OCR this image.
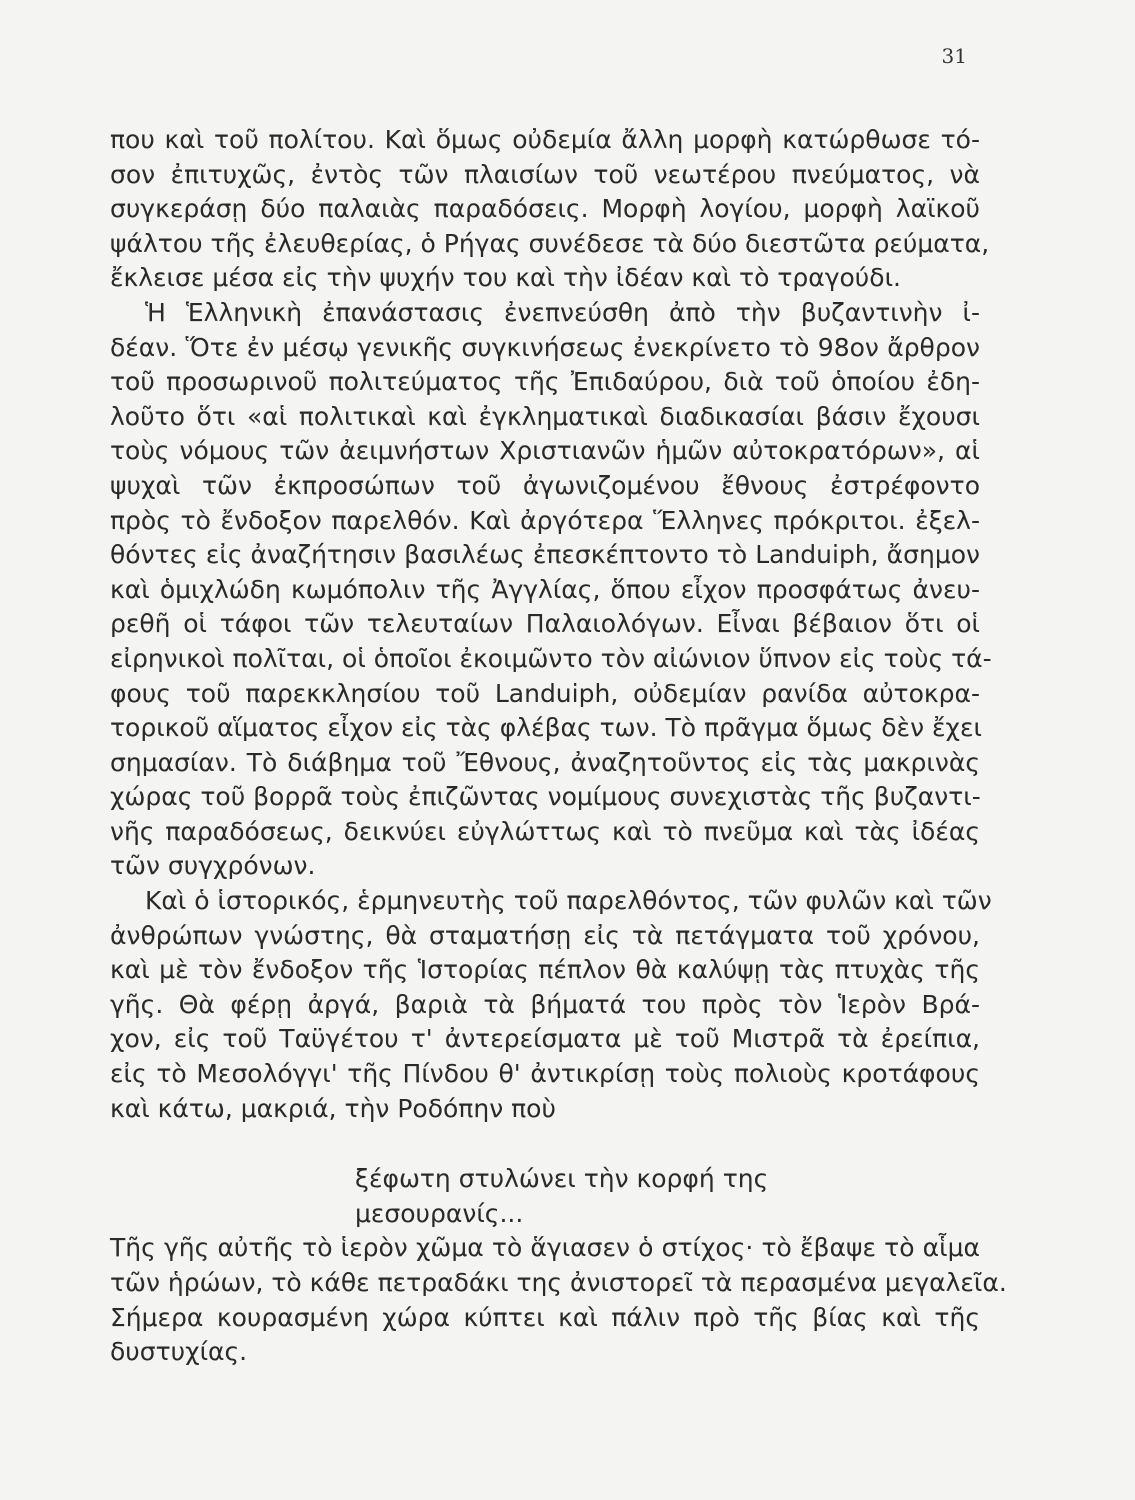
31
που καὶ τοῦ πολίτου. Καὶ ὅμως οὐδεμία ἄλλη μορφὴ κατώρθωσε τό-
σον ἐπιτυχῶς, ἐντὸς τῶν πλαισίων τοῦ νεωτέρου πνεύματος, νὰ
συγκεράσῃ δύο παλαιὰς παραδόσεις. Μορφὴ λογίου, μορφὴ λαϊκοῦ
ψάλτου τῆς ἐλευθερίας, ὁ Ρήγας συνέδεσε τὰ δύο διεστῶτα ρεύματα,
ἔκλεισε μέσα εἰς τὴν ψυχήν του καὶ τὴν ἰδέαν καὶ τὸ τραγούδι.
Ἡ Ἑλληνικὴ ἐπανάστασις ἐνεπνεύσθη ἀπὸ τὴν βυζαντινὴν ἰ-
δέαν. Ὅτε ἐν μέσῳ γενικῆς συγκινήσεως ἐνεκρίνετο τὸ 98ον ἄρθρον
τοῦ προσωρινοῦ πολιτεύματος τῆς Ἐπιδαύρου, διὰ τοῦ ὁποίου ἐδη-
λοῦτο ὅτι «αἱ πολιτικαὶ καὶ ἐγκληματικαὶ διαδικασίαι βάσιν ἔχουσι
τοὺς νόμους τῶν ἀειμνήστων Χριστιανῶν ἡμῶν αὐτοκρατόρων», αἱ
ψυχαὶ τῶν ἐκπροσώπων τοῦ ἀγωνιζομένου ἔθνους ἐστρέφοντο
πρὸς τὸ ἔνδοξον παρελθόν. Καὶ ἀργότερα Ἕλληνες πρόκριτοι. ἐξελ-
θόντες εἰς ἀναζήτησιν βασιλέως ἐπεσκέπτοντο τὸ Landuiph, ἄσημον
καὶ ὁμιχλώδη κωμόπολιν τῆς Ἀγγλίας, ὅπου εἶχον προσφάτως ἀνευ-
ρεθῆ οἱ τάφοι τῶν τελευταίων Παλαιολόγων. Εἶναι βέβαιον ὅτι οἱ
εἰρηνικοὶ πολῖται, οἱ ὁποῖοι ἐκοιμῶντο τὸν αἰώνιον ὕπνον εἰς τοὺς τά-
φους τοῦ παρεκκλησίου τοῦ Landuiph, οὐδεμίαν ρανίδα αὐτοκρα-
τορικοῦ αἵματος εἶχον εἰς τὰς φλέβας των. Τὸ πρᾶγμα ὅμως δὲν ἔχει
σημασίαν. Τὸ διάβημα τοῦ Ἔθνους, ἀναζητοῦντος εἰς τὰς μακρινὰς
χώρας τοῦ βορρᾶ τοὺς ἐπιζῶντας νομίμους συνεχιστὰς τῆς βυζαντι-
νῆς παραδόσεως, δεικνύει εὐγλώττως καὶ τὸ πνεῦμα καὶ τὰς ἰδέας
τῶν συγχρόνων.
Καὶ ὁ ἱστορικός, ἑρμηνευτὴς τοῦ παρελθόντος, τῶν φυλῶν καὶ τῶν
ἀνθρώπων γνώστης, θὰ σταματήσῃ εἰς τὰ πετάγματα τοῦ χρόνου,
καὶ μὲ τὸν ἔνδοξον τῆς Ἱστορίας πέπλον θὰ καλύψῃ τὰς πτυχὰς τῆς
γῆς. Θὰ φέρῃ ἀργά, βαριὰ τὰ βήματά του πρὸς τὸν Ἱερὸν Βρά-
χον, εἰς τοῦ Ταϋγέτου τ' ἀντερείσματα μὲ τοῦ Μιστρᾶ τὰ ἐρείπια,
εἰς τὸ Μεσολόγγι' τῆς Πίνδου θ' ἀντικρίσῃ τοὺς πολιοὺς κροτάφους
καὶ κάτω, μακριά, τὴν Ροδόπην ποὺ
ξέφωτη στυλώνει τὴν κορφή της
μεσουρανίς...
Τῆς γῆς αὐτῆς τὸ ἱερὸν χῶμα τὸ ἅγιασεν ὁ στίχος· τὸ ἔβαψε τὸ αἷμα
τῶν ἡρώων, τὸ κάθε πετραδάκι της ἀνιστορεῖ τὰ περασμένα μεγαλεῖα.
Σήμερα κουρασμένη χώρα κύπτει καὶ πάλιν πρὸ τῆς βίας καὶ τῆς
δυστυχίας.
